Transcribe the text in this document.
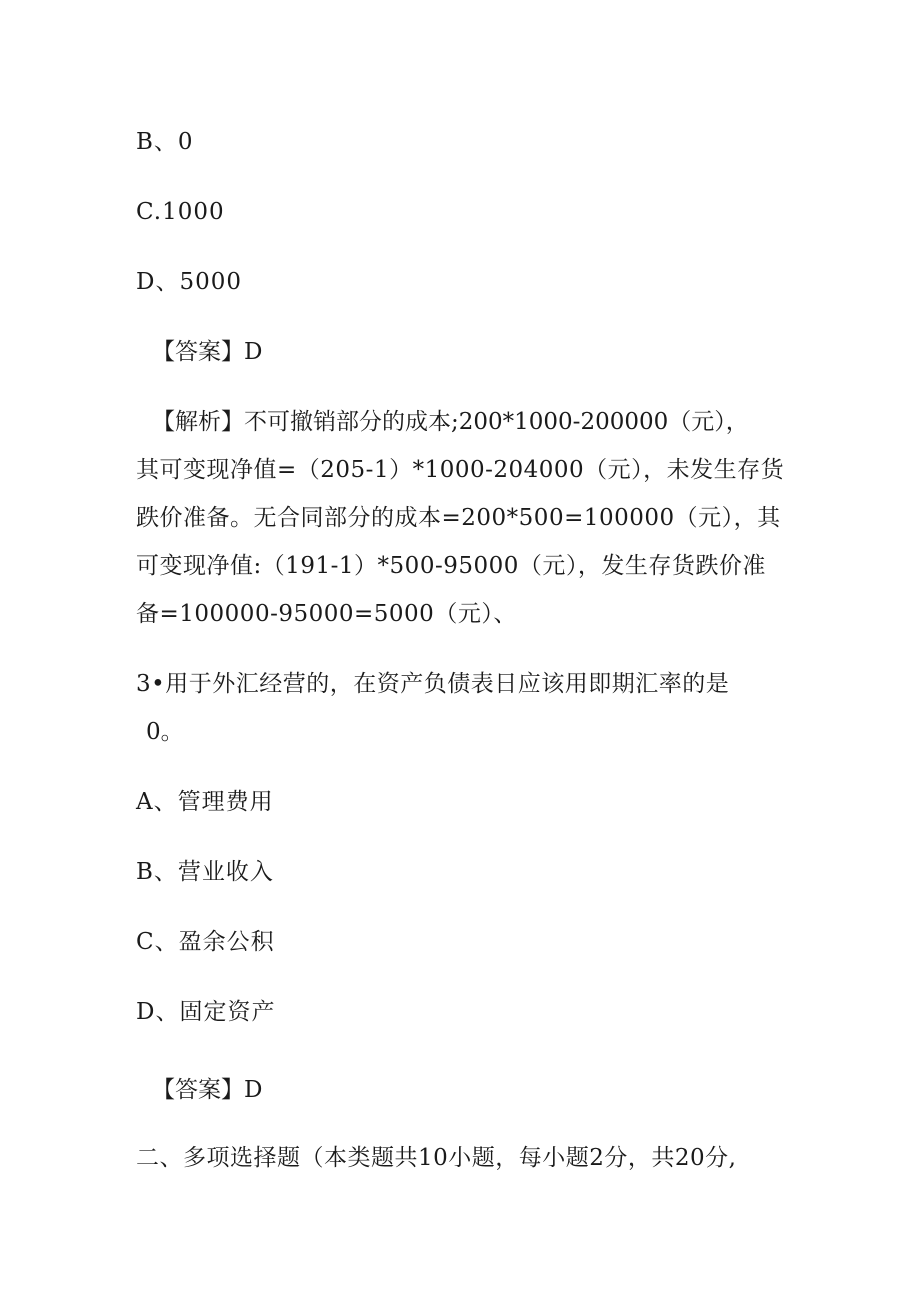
B、0
C.1000
D、5000
【答案】D
【解析】不可撤销部分的成本;200*1000-200000（元），
其可变现净值=（205-1）*1000-204000（元），未发生存货
跌价准备。无合同部分的成本=200*500=100000（元），其
可变现净值:（191-1）*500-95000（元），发生存货跌价准
备=100000-95000=5000（元）、
3•用于外汇经营的，在资产负债表日应该用即期汇率的是
0。
A、管理费用
B、营业收入
C、盈余公积
D、固定资产
【答案】D
二、多项选择题（本类题共10小题，每小题2分，共20分,
